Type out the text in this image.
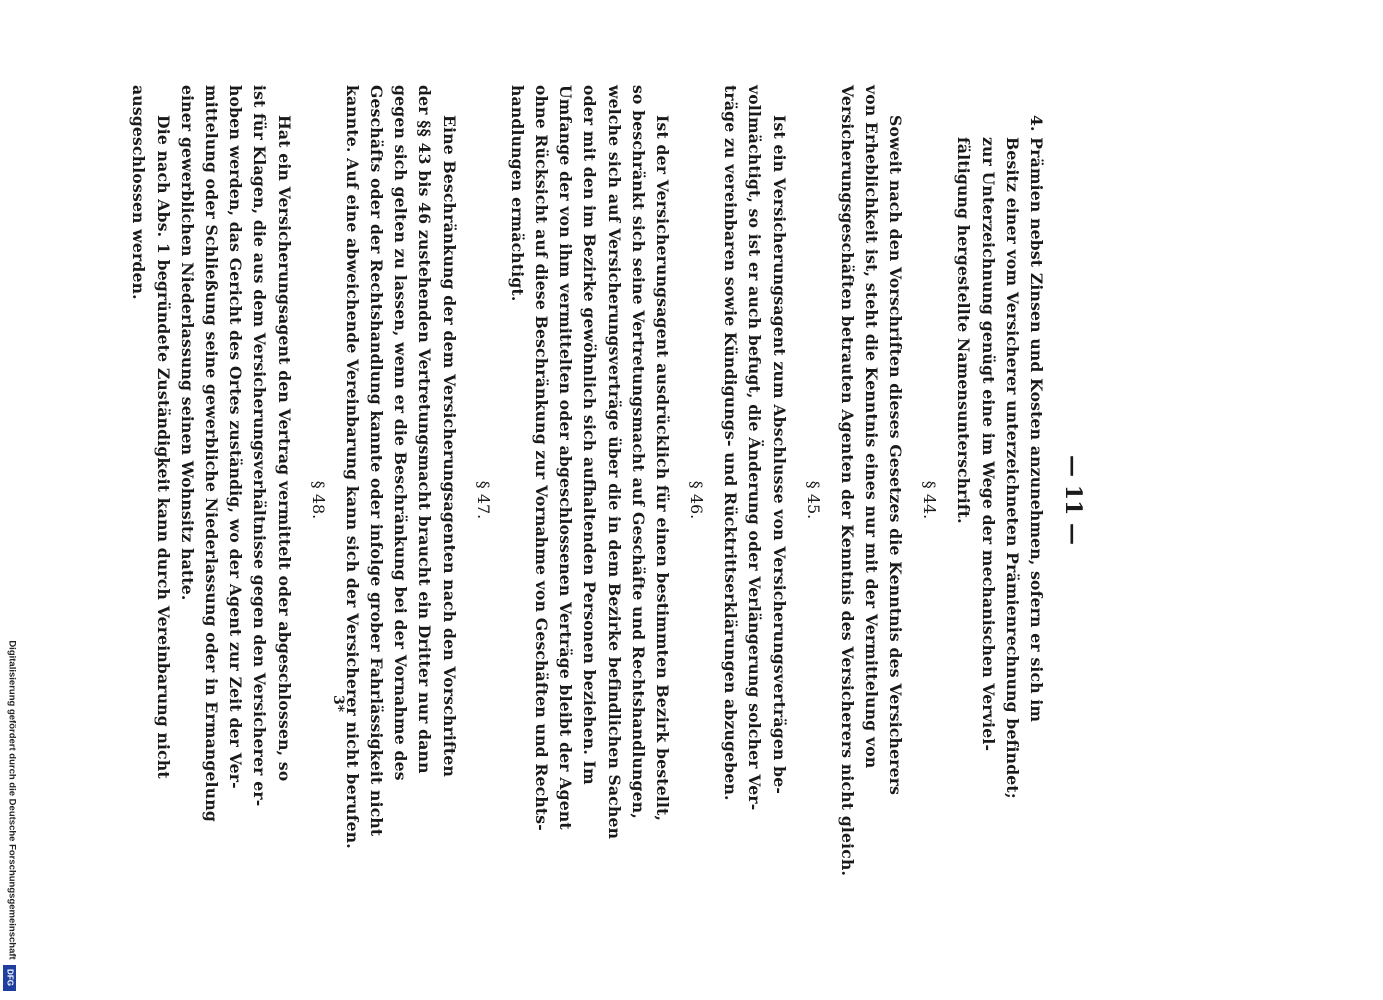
— 11 —
4. Prämien nebst Zinsen und Kosten anzunehmen, sofern er sich im
Besitz einer vom Versicherer unterzeichneten Prämienrechnung befindet;
zur Unterzeichnung genügt eine im Wege der mechanischen Verviel-
fältigung hergestellte Namensunterschrift.
§ 44.
Soweit nach den Vorschriften dieses Gesetzes die Kenntnis des Versicherers
von Erheblichkeit ist, steht die Kenntnis eines nur mit der Vermittelung von
Versicherungsgeschäften betrauten Agenten der Kenntnis des Versicherers nicht gleich.
§ 45.
Ist ein Versicherungsagent zum Abschlusse von Versicherungsverträgen be-
vollmächtigt, so ist er auch befugt, die Änderung oder Verlängerung solcher Ver-
träge zu vereinbaren sowie Kündigungs- und Rücktrittserklärungen abzugeben.
§ 46.
Ist der Versicherungsagent ausdrücklich für einen bestimmten Bezirk bestellt,
so beschränkt sich seine Vertretungsmacht auf Geschäfte und Rechtshandlungen,
welche sich auf Versicherungsverträge über die in dem Bezirke befindlichen Sachen
oder mit den im Bezirke gewöhnlich sich aufhaltenden Personen beziehen. Im
Umfange der von ihm vermittelten oder abgeschlossenen Verträge bleibt der Agent
ohne Rücksicht auf diese Beschränkung zur Vornahme von Geschäften und Rechts-
handlungen ermächtigt.
§ 47.
Eine Beschränkung der dem Versicherungsagenten nach den Vorschriften
der §§ 43 bis 46 zustehenden Vertretungsmacht braucht ein Dritter nur dann
gegen sich gelten zu lassen, wenn er die Beschränkung bei der Vornahme des
Geschäfts oder der Rechtshandlung kannte oder infolge grober Fahrlässigkeit nicht
kannte. Auf eine abweichende Vereinbarung kann sich der Versicherer nicht berufen.
§ 48.
Hat ein Versicherungsagent den Vertrag vermittelt oder abgeschlossen, so
ist für Klagen, die aus dem Versicherungsverhältnisse gegen den Versicherer er-
hoben werden, das Gericht des Ortes zuständig, wo der Agent zur Zeit der Ver-
mittelung oder Schließung seine gewerbliche Niederlassung oder in Ermangelung
einer gewerblichen Niederlassung seinen Wohnsitz hatte.
Die nach Abs. 1 begründete Zuständigkeit kann durch Vereinbarung nicht
ausgeschlossen werden.
3*
Digitalisierung gefördert durch die Deutsche Forschungsgemeinschaft
DFG
